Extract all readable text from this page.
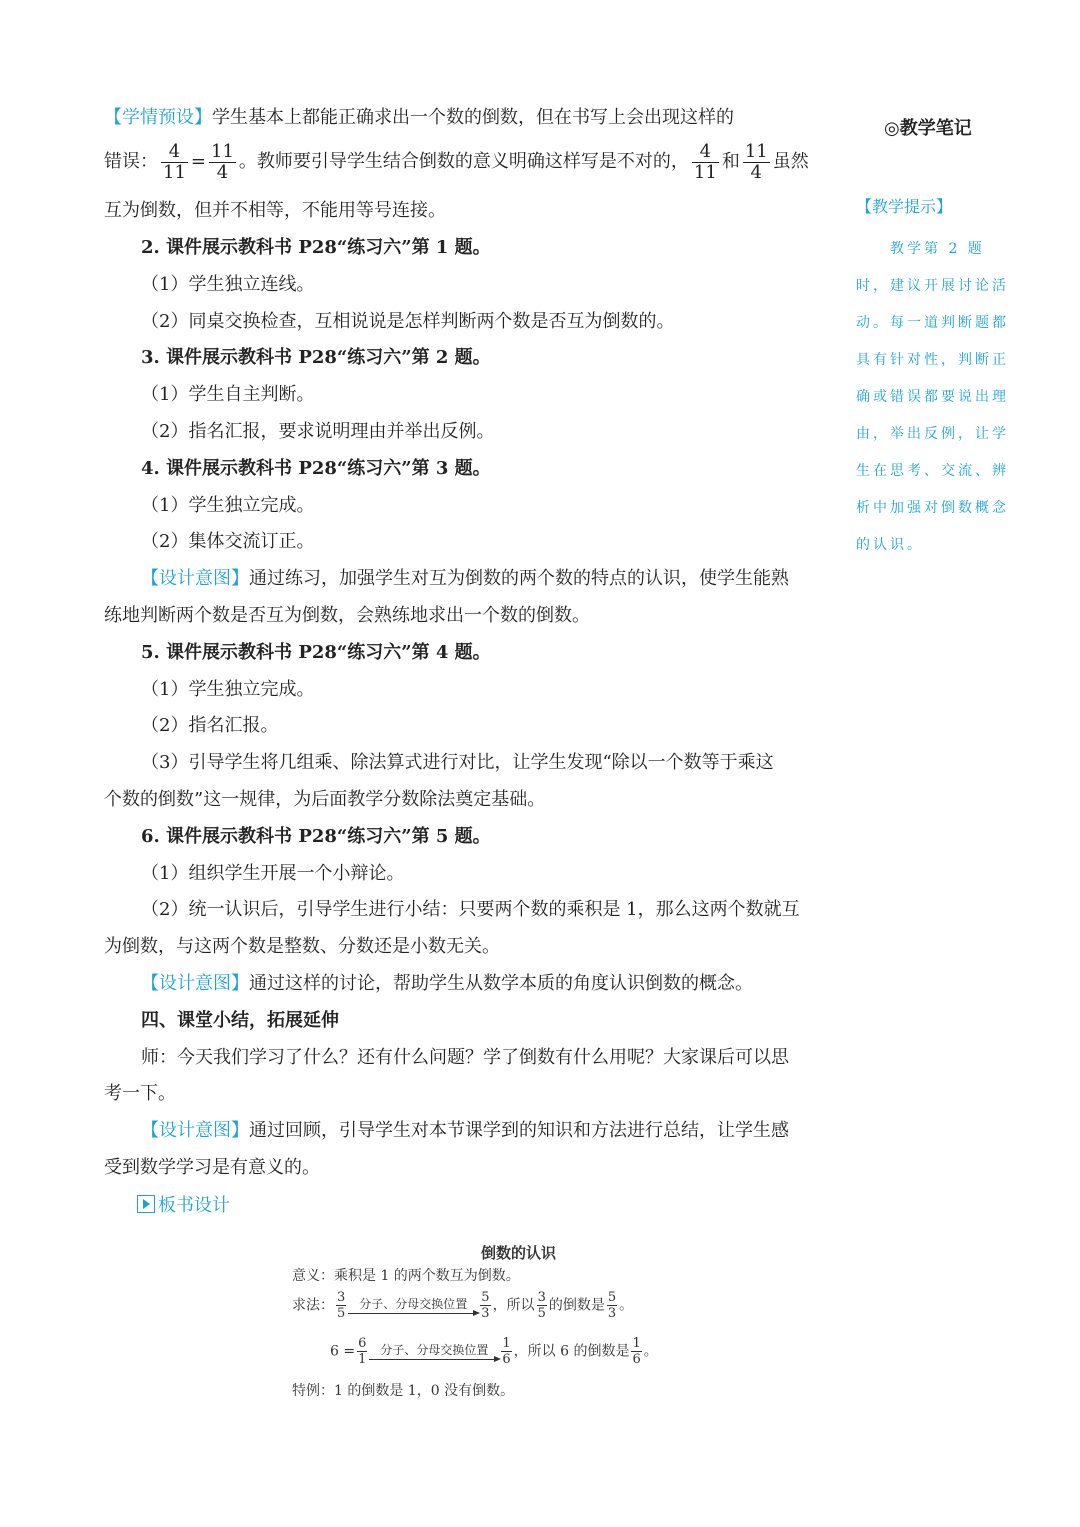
【学情预设】学生基本上都能正确求出一个数的倒数，但在书写上会出现这样的
错误： $\frac{4}{11} = \frac{11}{4}$ 。教师要引导学生结合倒数的意义明确这样写是不对的， $\frac{4}{11}$ 和 $\frac{11}{4}$ 虽然
互为倒数，但并不相等，不能用等号连接。
2. 课件展示教科书 P28“练习六”第 1 题。
（1）学生独立连线。
（2）同桌交换检查，互相说说是怎样判断两个数是否互为倒数的。
3. 课件展示教科书 P28“练习六”第 2 题。
（1）学生自主判断。
（2）指名汇报，要求说明理由并举出反例。
4. 课件展示教科书 P28“练习六”第 3 题。
（1）学生独立完成。
（2）集体交流订正。
【设计意图】通过练习，加强学生对互为倒数的两个数的特点的认识，使学生能熟
练地判断两个数是否互为倒数，会熟练地求出一个数的倒数。
5. 课件展示教科书 P28“练习六”第 4 题。
（1）学生独立完成。
（2）指名汇报。
（3）引导学生将几组乘、除法算式进行对比，让学生发现“除以一个数等于乘这
个数的倒数”这一规律，为后面教学分数除法奠定基础。
6. 课件展示教科书 P28“练习六”第 5 题。
（1）组织学生开展一个小辩论。
（2）统一认识后，引导学生进行小结：只要两个数的乘积是 1，那么这两个数就互
为倒数，与这两个数是整数、分数还是小数无关。
【设计意图】通过这样的讨论，帮助学生从数学本质的角度认识倒数的概念。
四、课堂小结，拓展延伸
师：今天我们学习了什么？还有什么问题？学了倒数有什么用呢？大家课后可以思
考一下。
【设计意图】通过回顾，引导学生对本节课学到的知识和方法进行总结，让学生感
受到数学学习是有意义的。
◎教学笔记
【教学提示】
教学第 2 题时，建议开展讨论活动。每一道判断题都具有针对性，判断正确或错误都要说出理由，举出反例，让学生在思考、交流、辨析中加强对倒数概念的认识。
板书设计
倒数的认识
意义：乘积是 1 的两个数互为倒数。
求法： $\frac{3}{5}$	分子、分母交换位置	$\frac{5}{3}$ ，所以 $\frac{3}{5}$ 的倒数是 $\frac{5}{3}$ 。
$6 = \frac{6}{1}$	分子、分母交换位置	$\frac{1}{6}$ ，所以 6 的倒数是 $\frac{1}{6}$ 。
特例：1 的倒数是 1，0 没有倒数。
